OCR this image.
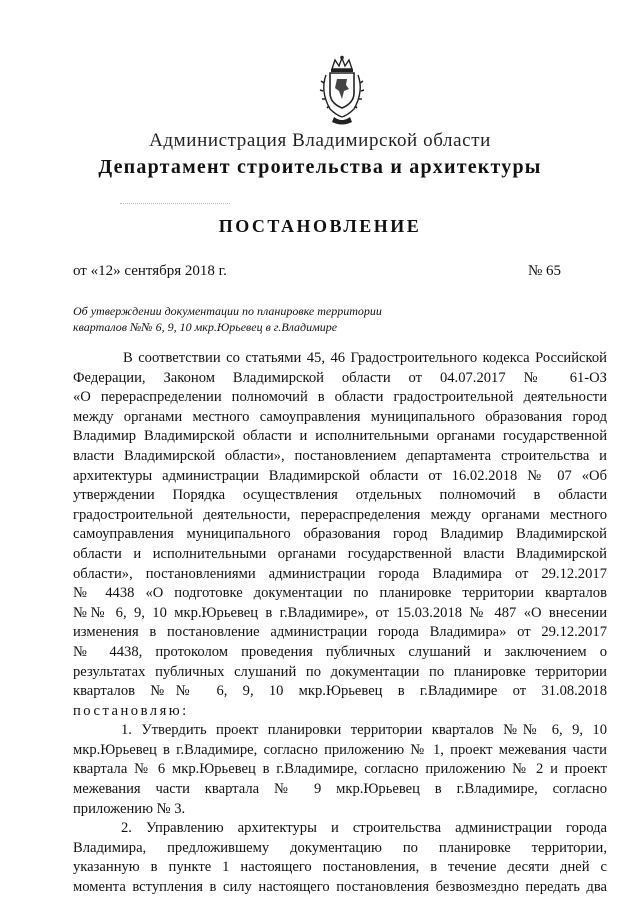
Администрация Владимирской области
Департамент строительства и архитектуры
ПОСТАНОВЛЕНИЕ
от «12» сентября 2018 г.	№ 65
Об утверждении документации по планировке территории
кварталов №№ 6, 9, 10 мкр.Юрьевец в г.Владимире
В соответствии со статьями 45, 46 Градостроительного кодекса Российской
Федерации, Законом Владимирской области от 04.07.2017 № 61-ОЗ
«О перераспределении полномочий в области градостроительной деятельности
между органами местного самоуправления муниципального образования город
Владимир Владимирской области и исполнительными органами государственной
власти Владимирской области», постановлением департамента строительства и
архитектуры администрации Владимирской области от 16.02.2018 № 07 «Об
утверждении Порядка осуществления отдельных полномочий в области
градостроительной деятельности, перераспределения между органами местного
самоуправления муниципального образования город Владимир Владимирской
области и исполнительными органами государственной власти Владимирской
области», постановлениями администрации города Владимира от 29.12.2017
№ 4438 «О подготовке документации по планировке территории кварталов
№№ 6, 9, 10 мкр.Юрьевец в г.Владимире», от 15.03.2018 № 487 «О внесении
изменения в постановление администрации города Владимира» от 29.12.2017
№ 4438, протоколом проведения публичных слушаний и заключением о
результатах публичных слушаний по документации по планировке территории
кварталов №№ 6, 9, 10 мкр.Юрьевец в г.Владимире от 31.08.2018
постановляю:
1. Утвердить проект планировки территории кварталов №№ 6, 9, 10
мкр.Юрьевец в г.Владимире, согласно приложению № 1, проект межевания части
квартала № 6 мкр.Юрьевец в г.Владимире, согласно приложению № 2 и проект
межевания части квартала № 9 мкр.Юрьевец в г.Владимире, согласно
приложению № 3.
2. Управлению архитектуры и строительства администрации города
Владимира, предложившему документацию по планировке территории,
указанную в пункте 1 настоящего постановления, в течение десяти дней с
момента вступления в силу настоящего постановления безвозмездно передать два
